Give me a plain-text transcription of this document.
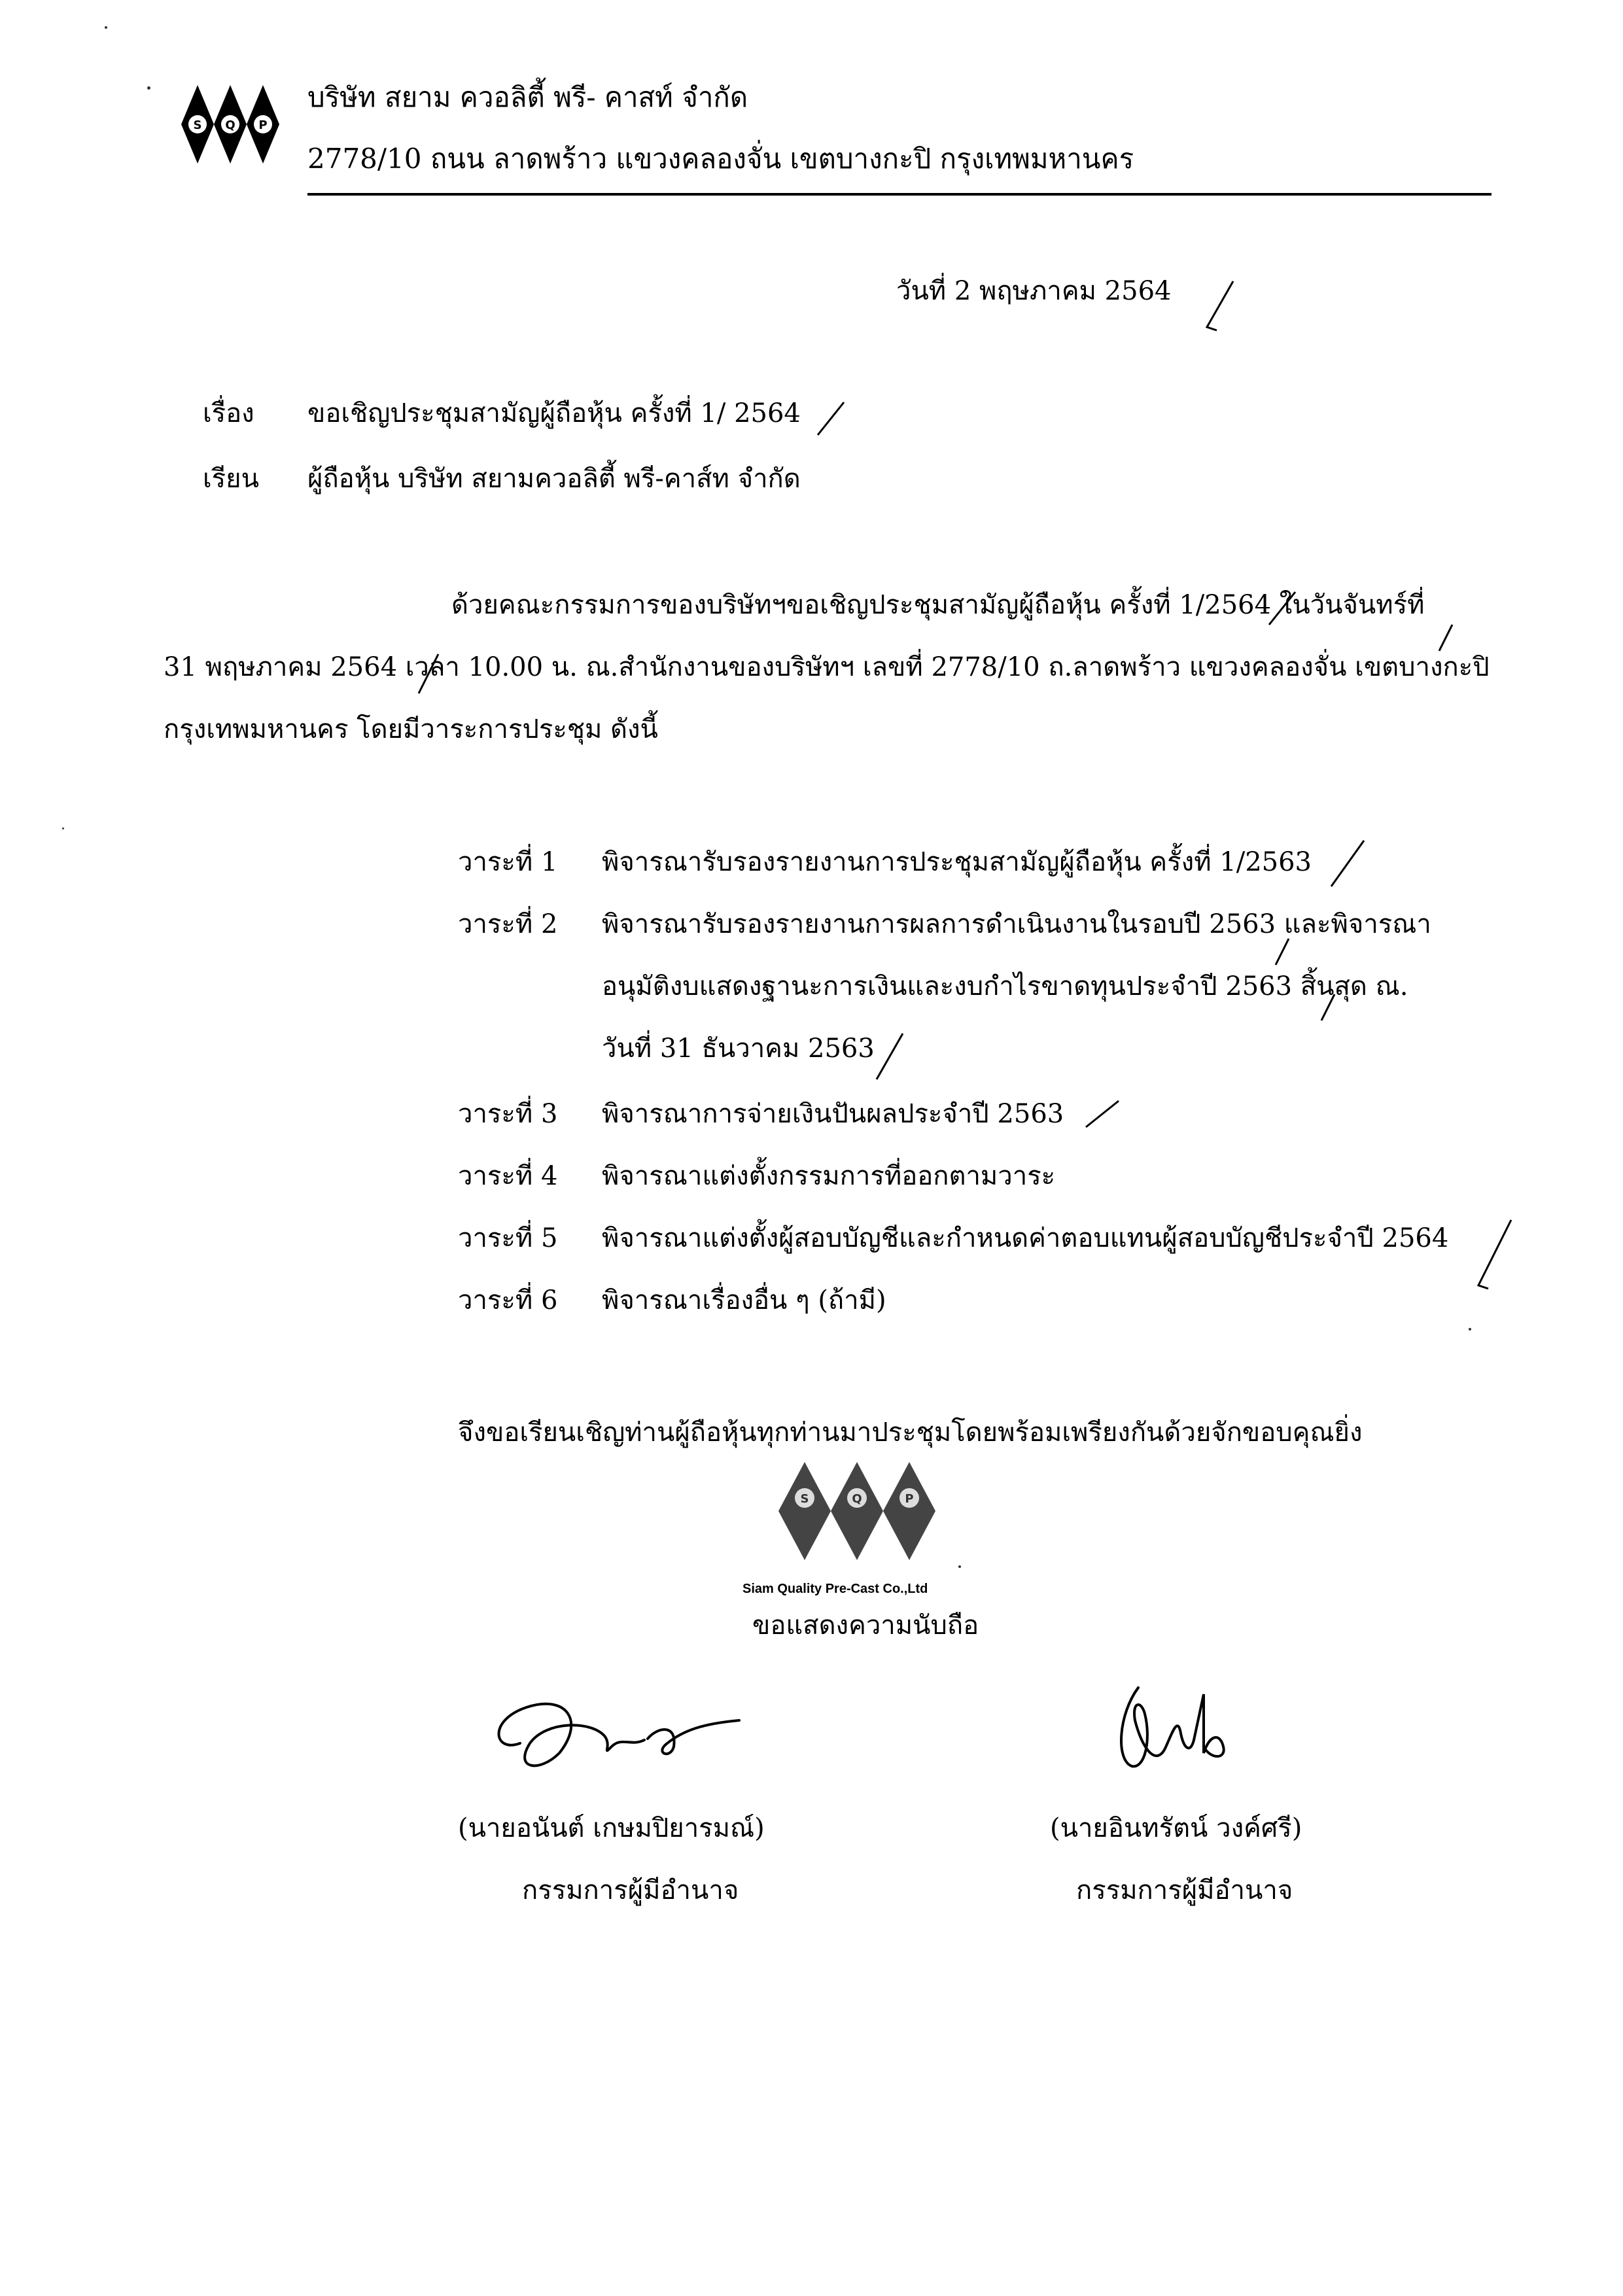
S Q P
บริษัท สยาม ควอลิตี้ พรี- คาสท์ จำกัด
2778/10 ถนน ลาดพร้าว แขวงคลองจั่น เขตบางกะปิ กรุงเทพมหานคร
วันที่ 2 พฤษภาคม 2564
เรื่อง ขอเชิญประชุมสามัญผู้ถือหุ้น ครั้งที่ 1/ 2564
เรียน ผู้ถือหุ้น บริษัท สยามควอลิตี้ พรี-คาส์ท จำกัด
ด้วยคณะกรรมการของบริษัทฯขอเชิญประชุมสามัญผู้ถือหุ้น ครั้งที่ 1/2564 ในวันจันทร์ที่
31 พฤษภาคม 2564 เวลา 10.00 น. ณ.สำนักงานของบริษัทฯ เลขที่ 2778/10 ถ.ลาดพร้าว แขวงคลองจั่น เขตบางกะปิ
กรุงเทพมหานคร โดยมีวาระการประชุม ดังนี้
วาระที่ 1 พิจารณารับรองรายงานการประชุมสามัญผู้ถือหุ้น ครั้งที่ 1/2563
วาระที่ 2 พิจารณารับรองรายงานการผลการดำเนินงานในรอบปี 2563 และพิจารณา
อนุมัติงบแสดงฐานะการเงินและงบกำไรขาดทุนประจำปี 2563 สิ้นสุด ณ.
วันที่ 31 ธันวาคม 2563
วาระที่ 3 พิจารณาการจ่ายเงินปันผลประจำปี 2563
วาระที่ 4 พิจารณาแต่งตั้งกรรมการที่ออกตามวาระ
วาระที่ 5 พิจารณาแต่งตั้งผู้สอบบัญชีและกำหนดค่าตอบแทนผู้สอบบัญชีประจำปี 2564
วาระที่ 6 พิจารณาเรื่องอื่น ๆ (ถ้ามี)
จึงขอเรียนเชิญท่านผู้ถือหุ้นทุกท่านมาประชุมโดยพร้อมเพรียงกันด้วยจักขอบคุณยิ่ง
S	Q	P
Siam Quality Pre-Cast Co.,Ltd
ขอแสดงความนับถือ
(นายอนันต์ เกษมปิยารมณ์)
กรรมการผู้มีอำนาจ
(นายอินทรัตน์ วงค์ศรี)
กรรมการผู้มีอำนาจ
